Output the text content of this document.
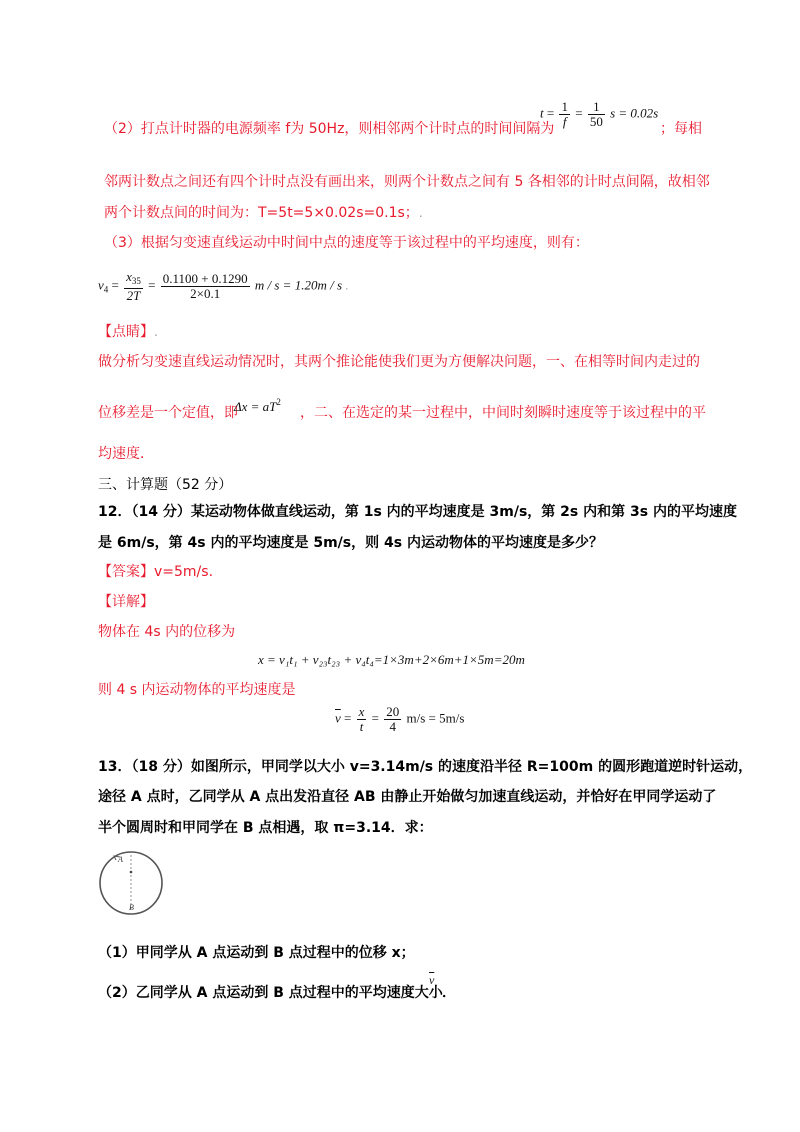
（2）打点计时器的电源频率 f为 50Hz，则相邻两个计时点的时间间隔为
$t = \frac{1}{f} = \frac{1}{50}$ s = 0.02s
；每相
邻两计数点之间还有四个计时点没有画出来，则两个计数点之间有 5 各相邻的计时点间隔，故相邻
两个计数点间的时间为：T=5t=5×0.02s=0.1s；.
（3）根据匀变速直线运动中时间中点的速度等于该过程中的平均速度，则有：
$v_4 = \frac{x_{35}}{2T} = \frac{0.1100 + 0.1290}{2\times 0.1}$ m / s = 1.20m / s .
【点睛】.
做分析匀变速直线运动情况时，其两个推论能使我们更为方便解决问题，一、在相等时间内走过的
位移差是一个定值，即
$\Delta x = aT^2$
，二、在选定的某一过程中，中间时刻瞬时速度等于该过程中的平
均速度．
三、计算题（52 分）
12．（14 分）某运动物体做直线运动，第 1s 内的平均速度是 3m/s，第 2s 内和第 3s 内的平均速度
是 6m/s，第 4s 内的平均速度是 5m/s，则 4s 内运动物体的平均速度是多少？
【答案】v=5m/s.
【详解】
物体在 4s 内的位移为
x = v₁t₁ + v₂₃t₂₃ + v₄t₄=1×3m+2×6m+1×5m=20m
则 4 s 内运动物体的平均速度是
$\overline{v} = \frac{x}{t} = \frac{20}{4} m/s = 5m/s$
13．（18 分）如图所示，甲同学以大小 v=3.14m/s 的速度沿半径 R=100m 的圆形跑道逆时针运动，
途径 A 点时，乙同学从 A 点出发沿直径 AB 由静止开始做匀加速直线运动，并恰好在甲同学运动了
半个圆周时和甲同学在 B 点相遇，取 π=3.14．求：
A
B
（1）甲同学从 A 点运动到 B 点过程中的位移 x；
（2）乙同学从 A 点运动到 B 点过程中的平均速度大小
$\overline{v}$
．
